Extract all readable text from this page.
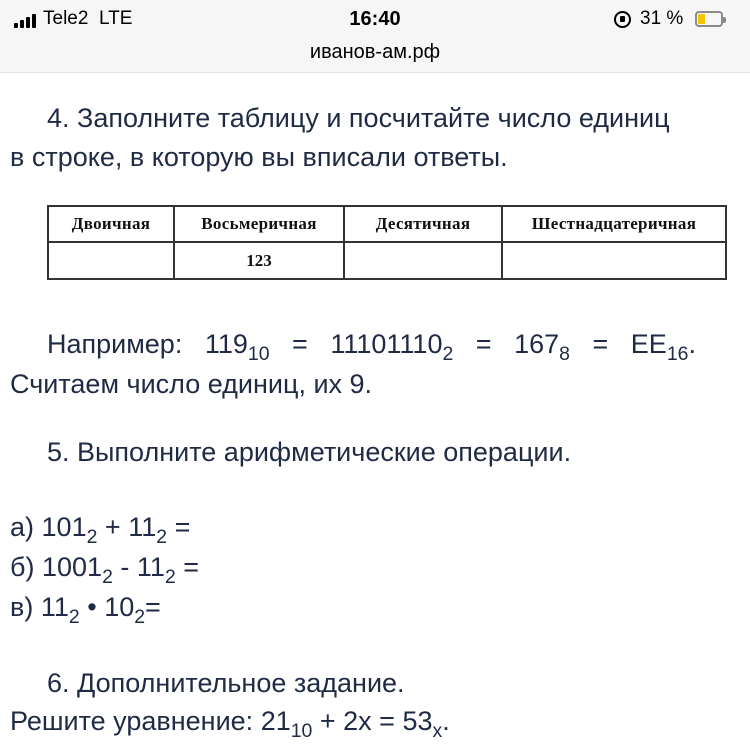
Tele2 LTE	16:40	31 %
иванов-ам.рф
4. Заполните таблицу и посчитайте число единиц
в строке, в которую вы вписали ответы.
Двоичная	Восьмеричная	Десятичная	Шестнадцатеричная
	123		
Например: $119_{10} = 11101110_2 = 167_8 = EE_{16}$.
Считаем число единиц, их 9.
5. Выполните арифметические операции.
а) $101_2 + 11_2$ =
б) $1001_2 - 11_2$ =
в) $11_2$ • $10_2=$
6. Дополнительное задание.
Решите уравнение: $21_{10} + 2x = 53_x$.
